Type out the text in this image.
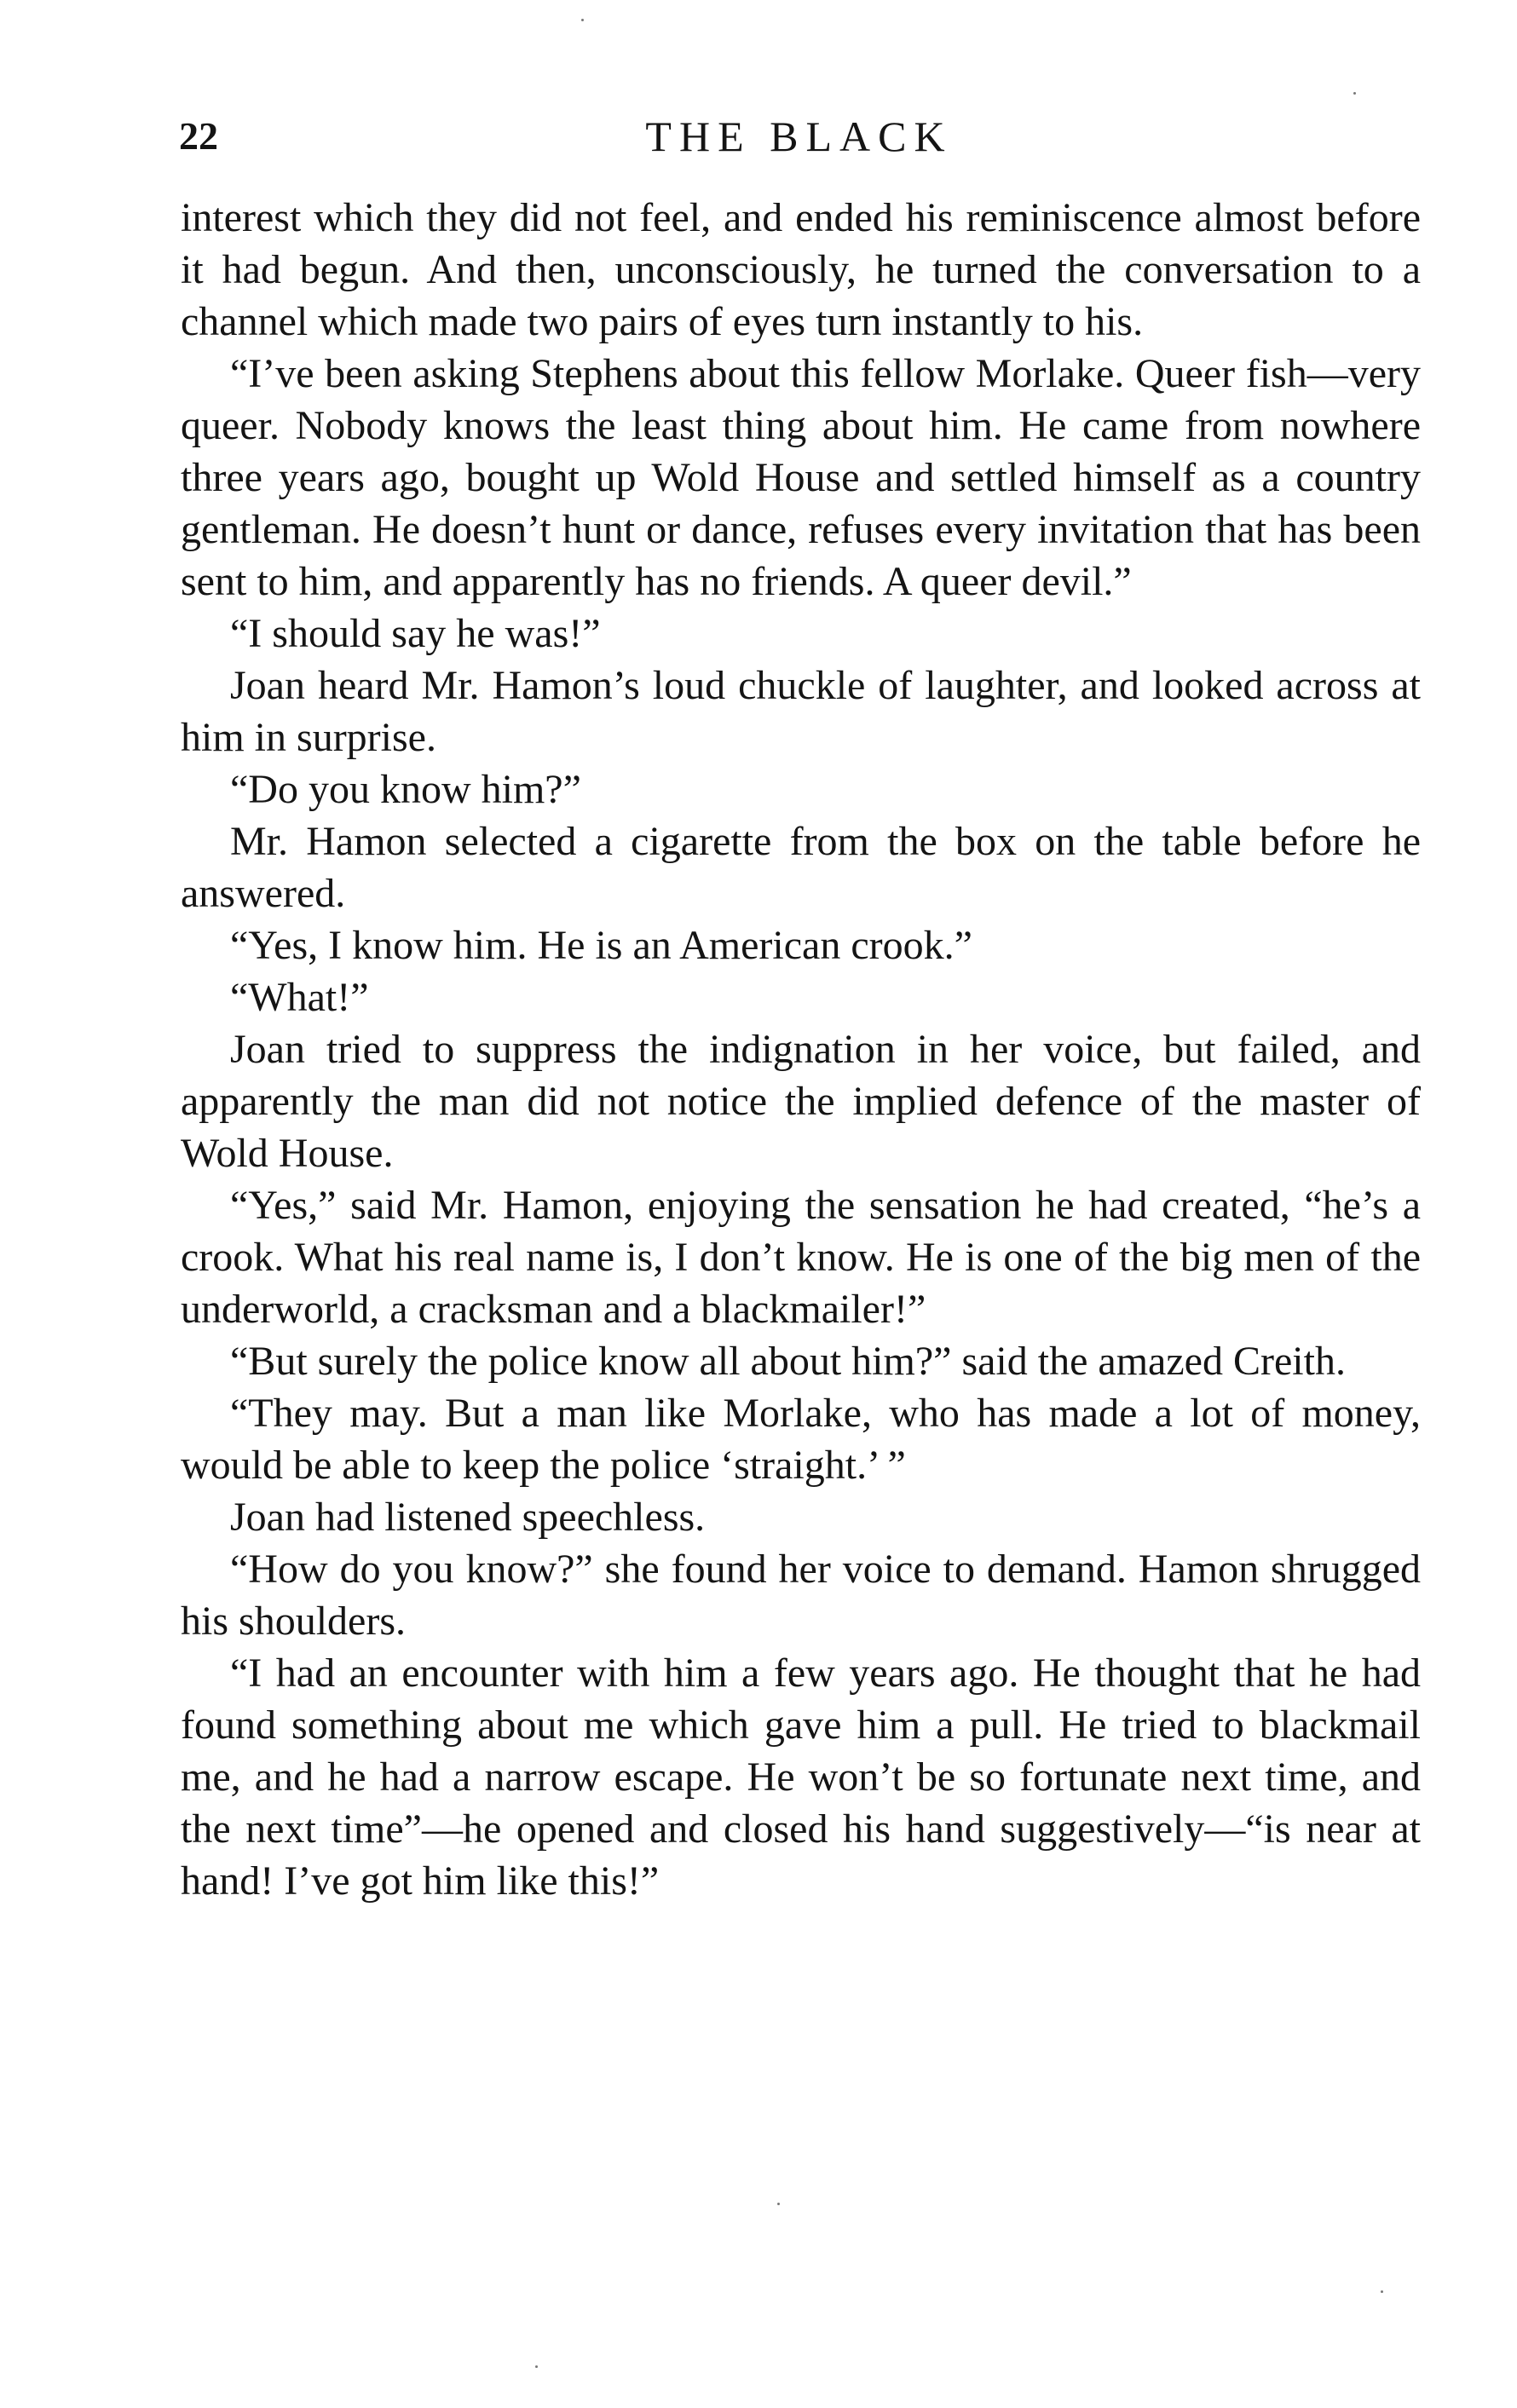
22	THE BLACK

interest which they did not feel, and ended his reminiscence almost before it had begun. And then, unconsciously, he turned the conversation to a channel which made two pairs of eyes turn instantly to his.

“I’ve been asking Stephens about this fellow Morlake. Queer fish—very queer. Nobody knows the least thing about him. He came from nowhere three years ago, bought up Wold House and settled himself as a country gentleman. He doesn’t hunt or dance, refuses every invitation that has been sent to him, and apparently has no friends. A queer devil.”

“I should say he was!”

Joan heard Mr. Hamon’s loud chuckle of laughter, and looked across at him in surprise.

“Do you know him?”

Mr. Hamon selected a cigarette from the box on the table before he answered.

“Yes, I know him. He is an American crook.”

“What!”

Joan tried to suppress the indignation in her voice, but failed, and apparently the man did not notice the implied defence of the master of Wold House.

“Yes,” said Mr. Hamon, enjoying the sensation he had created, “he’s a crook. What his real name is, I don’t know. He is one of the big men of the underworld, a cracksman and a blackmailer!”

“But surely the police know all about him?” said the amazed Creith.

“They may. But a man like Morlake, who has made a lot of money, would be able to keep the police ‘straight.’ ”

Joan had listened speechless.

“How do you know?” she found her voice to demand. Hamon shrugged his shoulders.

“I had an encounter with him a few years ago. He thought that he had found something about me which gave him a pull. He tried to blackmail me, and he had a narrow escape. He won’t be so fortunate next time, and the next time”—he opened and closed his hand suggestively—“is near at hand! I’ve got him like this!”
